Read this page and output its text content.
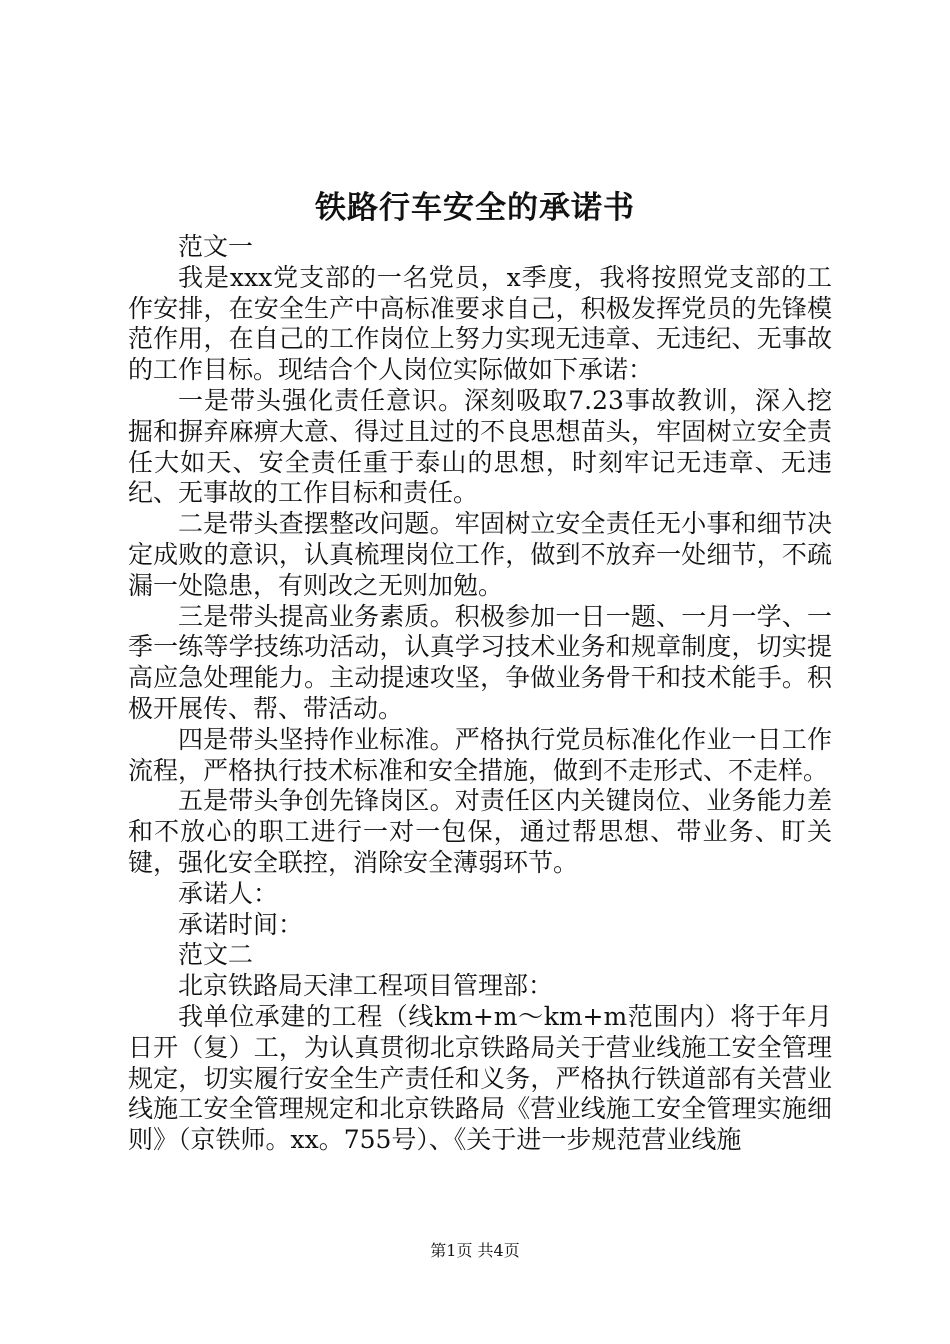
铁路行车安全的承诺书

范文一

我是xxx党支部的一名党员，x季度，我将按照党支部的工作安排，在安全生产中高标准要求自己，积极发挥党员的先锋模范作用，在自己的工作岗位上努力实现无违章、无违纪、无事故的工作目标。现结合个人岗位实际做如下承诺：

一是带头强化责任意识。深刻吸取7.23事故教训，深入挖掘和摒弃麻痹大意、得过且过的不良思想苗头，牢固树立安全责任大如天、安全责任重于泰山的思想，时刻牢记无违章、无违纪、无事故的工作目标和责任。

二是带头查摆整改问题。牢固树立安全责任无小事和细节决定成败的意识，认真梳理岗位工作，做到不放弃一处细节，不疏漏一处隐患，有则改之无则加勉。

三是带头提高业务素质。积极参加一日一题、一月一学、一季一练等学技练功活动，认真学习技术业务和规章制度，切实提高应急处理能力。主动提速攻坚，争做业务骨干和技术能手。积极开展传、帮、带活动。

四是带头坚持作业标准。严格执行党员标准化作业一日工作流程，严格执行技术标准和安全措施，做到不走形式、不走样。

五是带头争创先锋岗区。对责任区内关键岗位、业务能力差和不放心的职工进行一对一包保，通过帮思想、带业务、盯关键，强化安全联控，消除安全薄弱环节。

承诺人：

承诺时间：

范文二

北京铁路局天津工程项目管理部：

我单位承建的工程（线km+m～km+m范围内）将于年月日开（复）工，为认真贯彻北京铁路局关于营业线施工安全管理规定，切实履行安全生产责任和义务，严格执行铁道部有关营业线施工安全管理规定和北京铁路局《营业线施工安全管理实施细则》（京铁师。xx。755号）、《关于进一步规范营业线施

第1页 共4页
